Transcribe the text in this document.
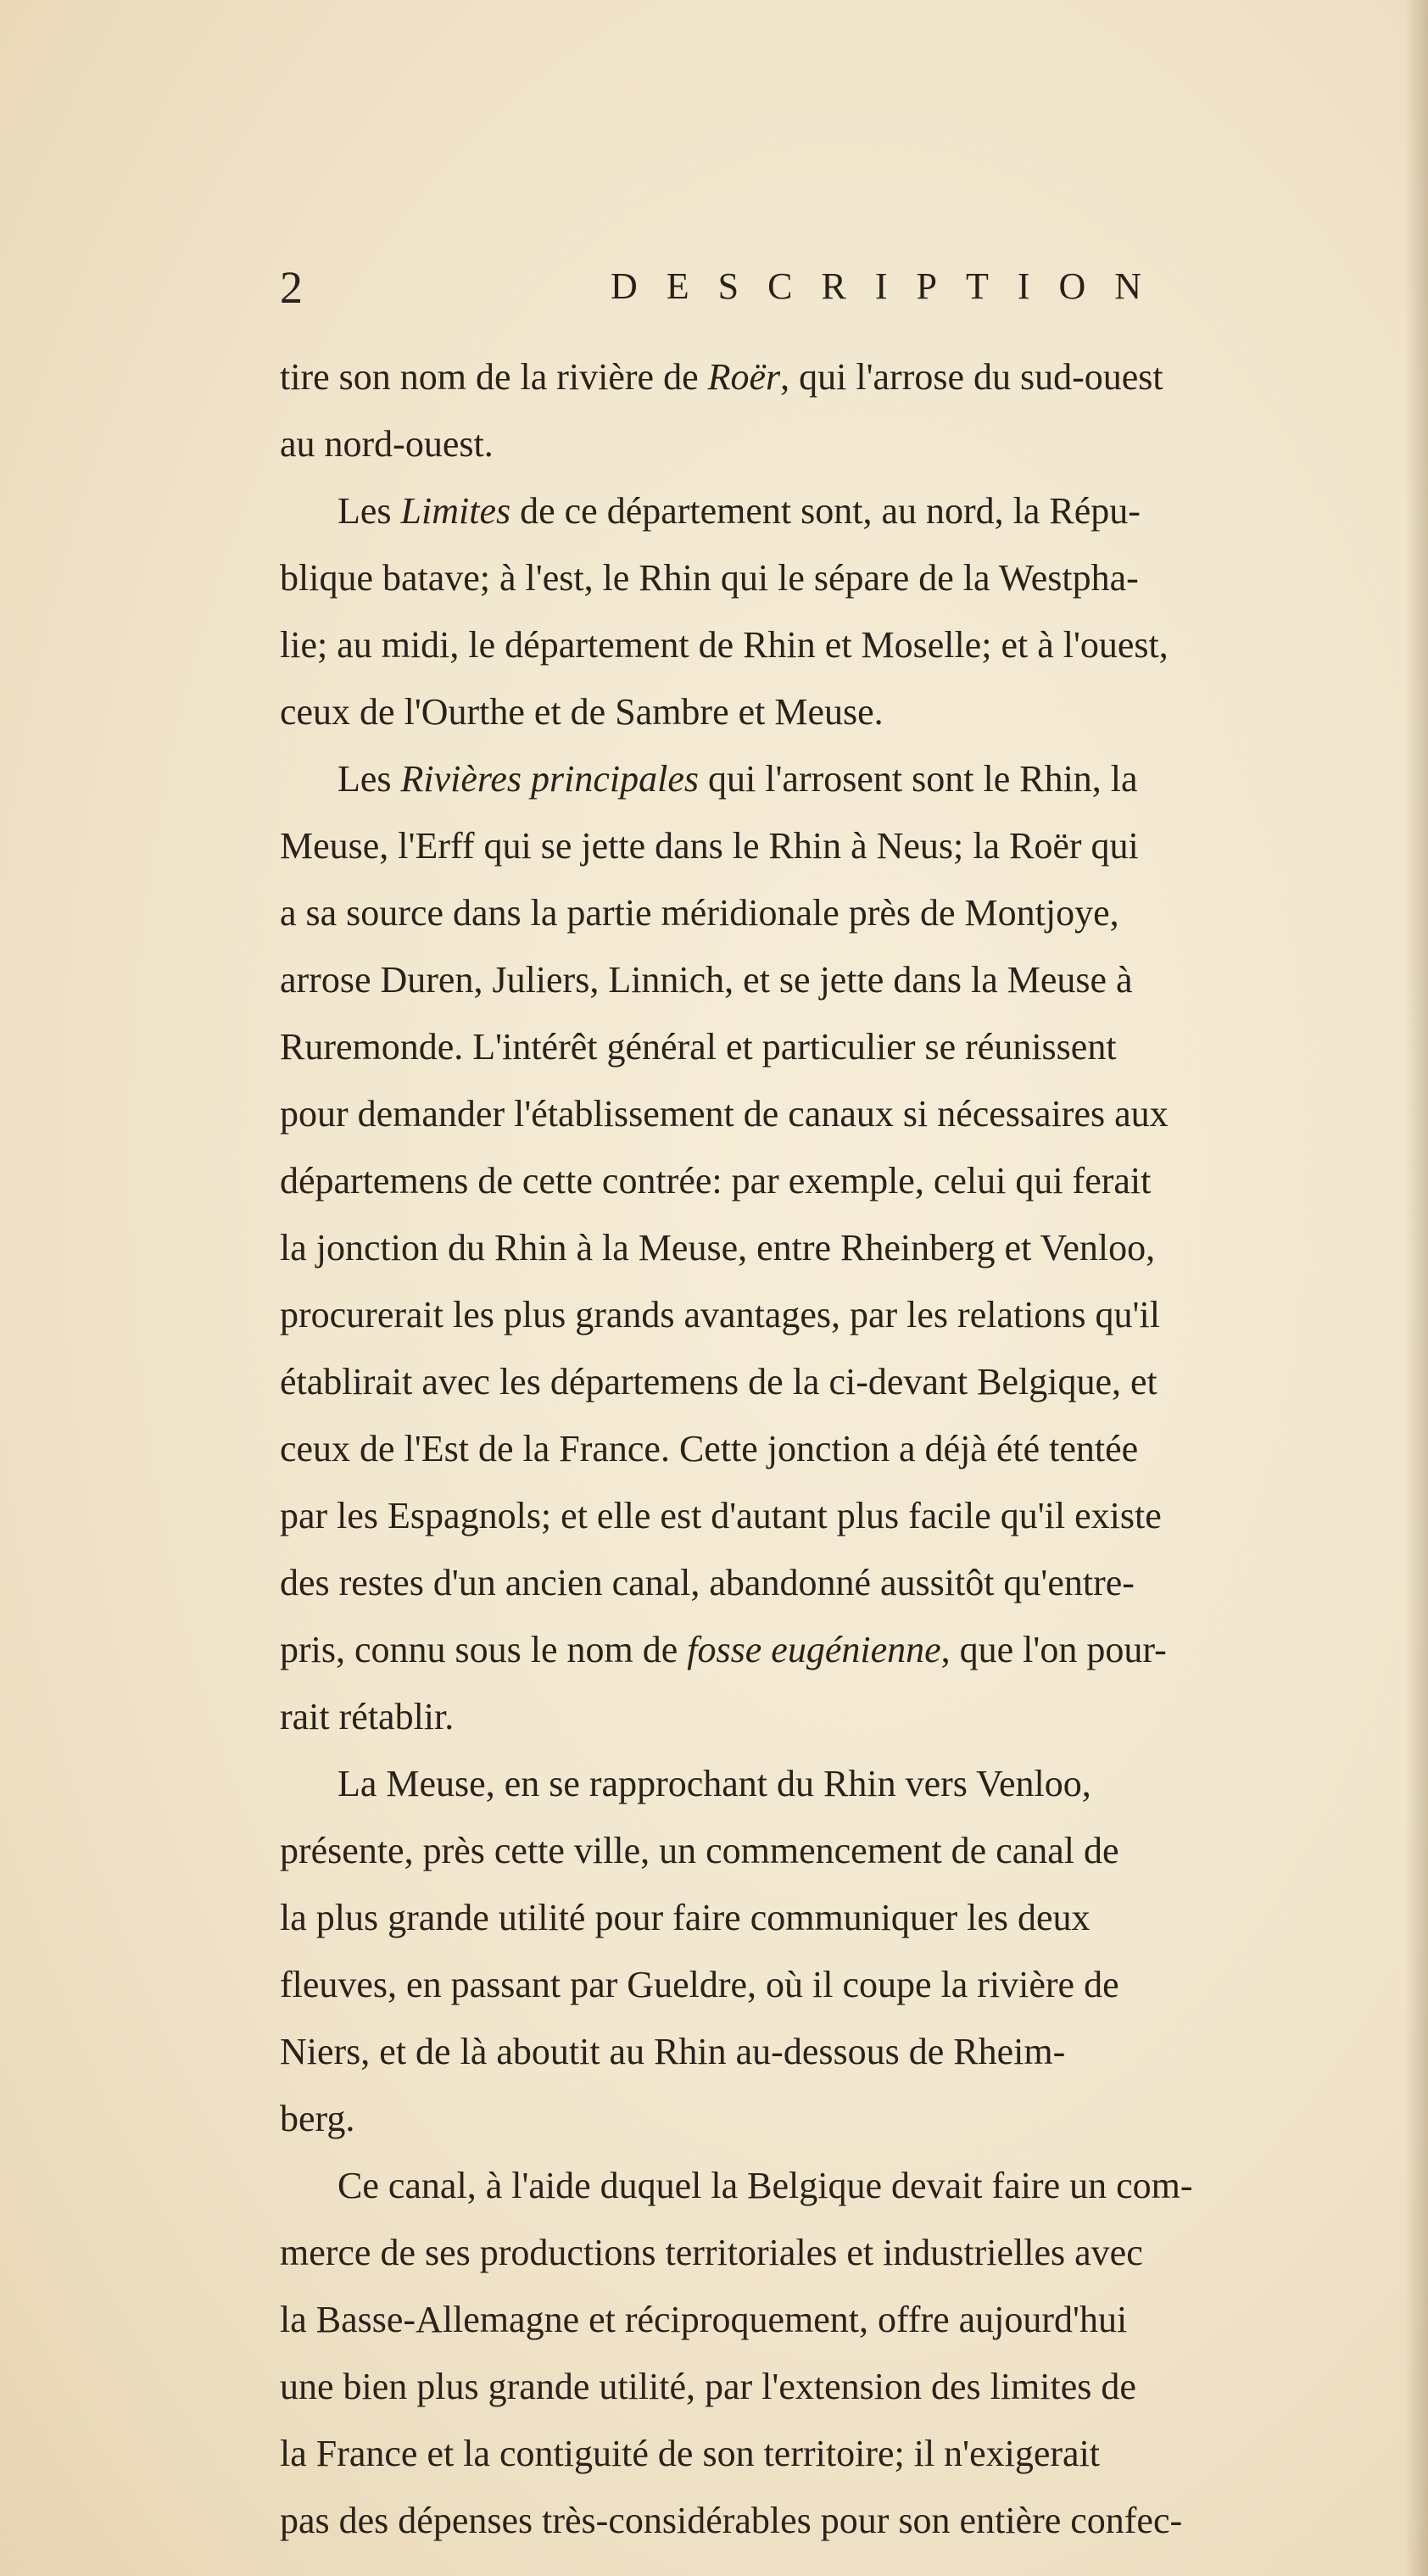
2	DESCRIPTION
tire son nom de la rivière de Roër, qui l'arrose du sud-ouest
au nord-ouest.
Les Limites de ce département sont, au nord, la Répu-
blique batave; à l'est, le Rhin qui le sépare de la Westpha-
lie; au midi, le département de Rhin et Moselle; et à l'ouest,
ceux de l'Ourthe et de Sambre et Meuse.
Les Rivières principales qui l'arrosent sont le Rhin, la
Meuse, l'Erff qui se jette dans le Rhin à Neus; la Roër qui
a sa source dans la partie méridionale près de Montjoye,
arrose Duren, Juliers, Linnich, et se jette dans la Meuse à
Ruremonde. L'intérêt général et particulier se réunissent
pour demander l'établissement de canaux si nécessaires aux
départemens de cette contrée: par exemple, celui qui ferait
la jonction du Rhin à la Meuse, entre Rheinberg et Venloo,
procurerait les plus grands avantages, par les relations qu'il
établirait avec les départemens de la ci-devant Belgique, et
ceux de l'Est de la France. Cette jonction a déjà été tentée
par les Espagnols; et elle est d'autant plus facile qu'il existe
des restes d'un ancien canal, abandonné aussitôt qu'entre-
pris, connu sous le nom de fosse eugénienne, que l'on pour-
rait rétablir.
La Meuse, en se rapprochant du Rhin vers Venloo,
présente, près cette ville, un commencement de canal de
la plus grande utilité pour faire communiquer les deux
fleuves, en passant par Gueldre, où il coupe la rivière de
Niers, et de là aboutit au Rhin au-dessous de Rheim-
berg.
Ce canal, à l'aide duquel la Belgique devait faire un com-
merce de ses productions territoriales et industrielles avec
la Basse-Allemagne et réciproquement, offre aujourd'hui
une bien plus grande utilité, par l'extension des limites de
la France et la contiguité de son territoire; il n'exigerait
pas des dépenses très-considérables pour son entière confec-
